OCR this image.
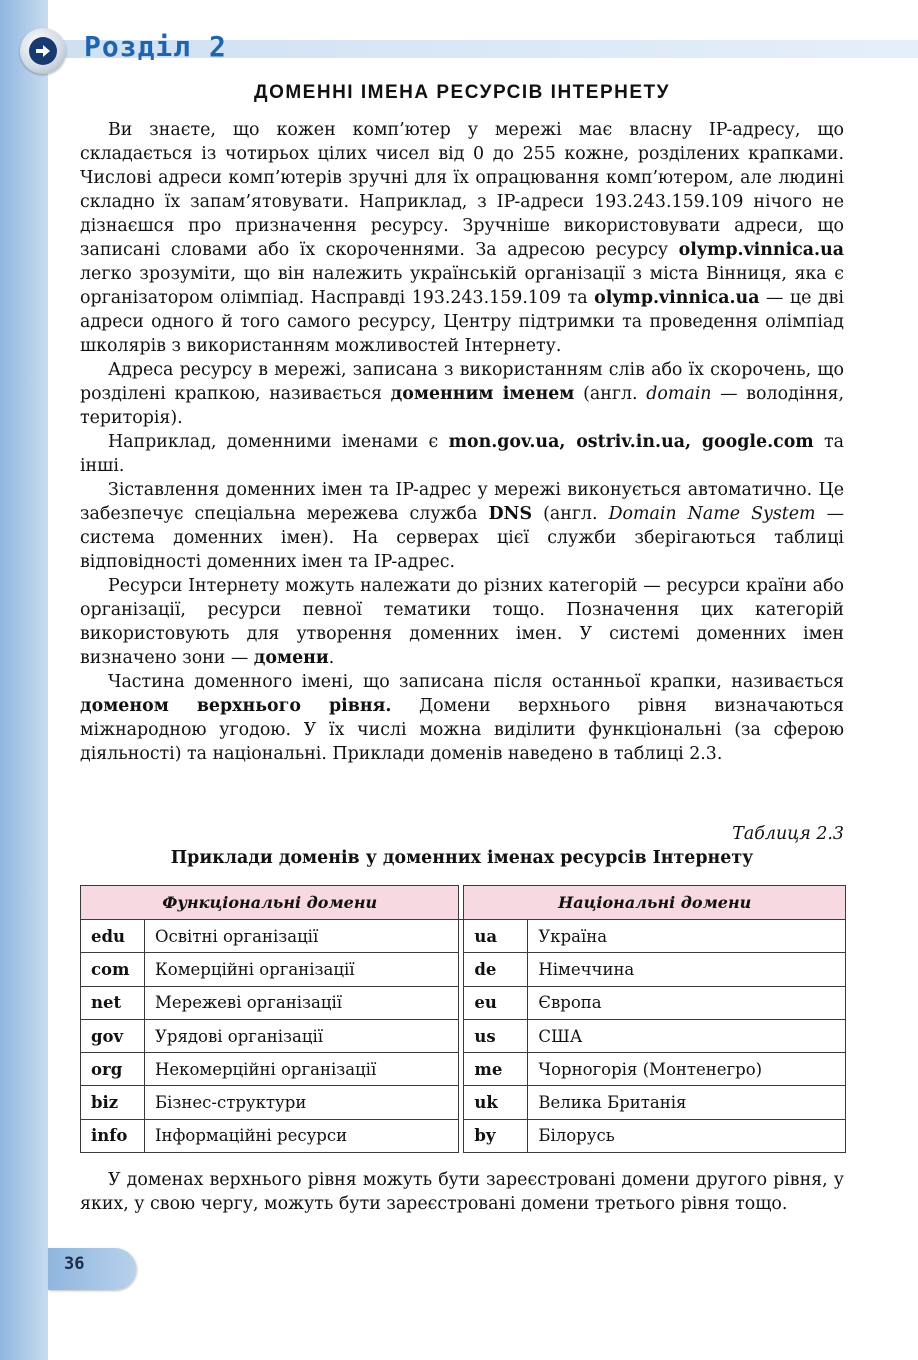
Розділ 2
ДОМЕННІ ІМЕНА РЕСУРСІВ ІНТЕРНЕТУ

Ви знаєте, що кожен комп’ютер у мережі має власну IP-адресу, що складається із чотирьох цілих чисел від 0 до 255 кожне, розділених крапками. Числові адреси комп’ютерів зручні для їх опрацювання комп’ютером, але людині складно їх запам’ятовувати. Наприклад, з IP-адреси 193.243.159.109 нічого не дізнаєшся про призначення ресурсу. Зручніше використовувати адреси, що записані словами або їх скороченнями. За адресою ресурсу olymp.vinnica.ua легко зрозуміти, що він належить українській організації з міста Вінниця, яка є організатором олімпіад. Насправді 193.243.159.109 та olymp.vinnica.ua — це дві адреси одного й того самого ресурсу, Центру підтримки та проведення олімпіад школярів з використанням можливостей Інтернету.

Адреса ресурсу в мережі, записана з використанням слів або їх скорочень, що розділені крапкою, називається доменним іменем (англ. domain — володіння, територія).

Наприклад, доменними іменами є mon.gov.ua, ostriv.in.ua, google.com та інші.

Зіставлення доменних імен та IP-адрес у мережі виконується автоматично. Це забезпечує спеціальна мережева служба DNS (англ. Domain Name System — система доменних імен). На серверах цієї служби зберігаються таблиці відповідності доменних імен та IP-адрес.

Ресурси Інтернету можуть належати до різних категорій — ресурси країни або організації, ресурси певної тематики тощо. Позначення цих категорій використовують для утворення доменних імен. У системі доменних імен визначено зони — домени.

Частина доменного імені, що записана після останньої крапки, називається доменом верхнього рівня. Домени верхнього рівня визначаються міжнародною угодою. У їх числі можна виділити функціональні (за сферою діяльності) та національні. Приклади доменів наведено в таблиці 2.3.

Таблиця 2.3
Приклади доменів у доменних іменах ресурсів Інтернету
Функціональні домени			Національні домени	
edu	Освітні організації		ua	Україна
com	Комерційні організації		de	Німеччина
net	Мережеві організації		eu	Європа
gov	Урядові організації		us	США
org	Некомерційні організації		me	Чорногорія (Монтенегро)
biz	Бізнес-структури		uk	Велика Британія
info	Інформаційні ресурси		by	Білорусь

У доменах верхнього рівня можуть бути зареєстровані домени другого рівня, у яких, у свою чергу, можуть бути зареєстровані домени третього рівня тощо.

36
